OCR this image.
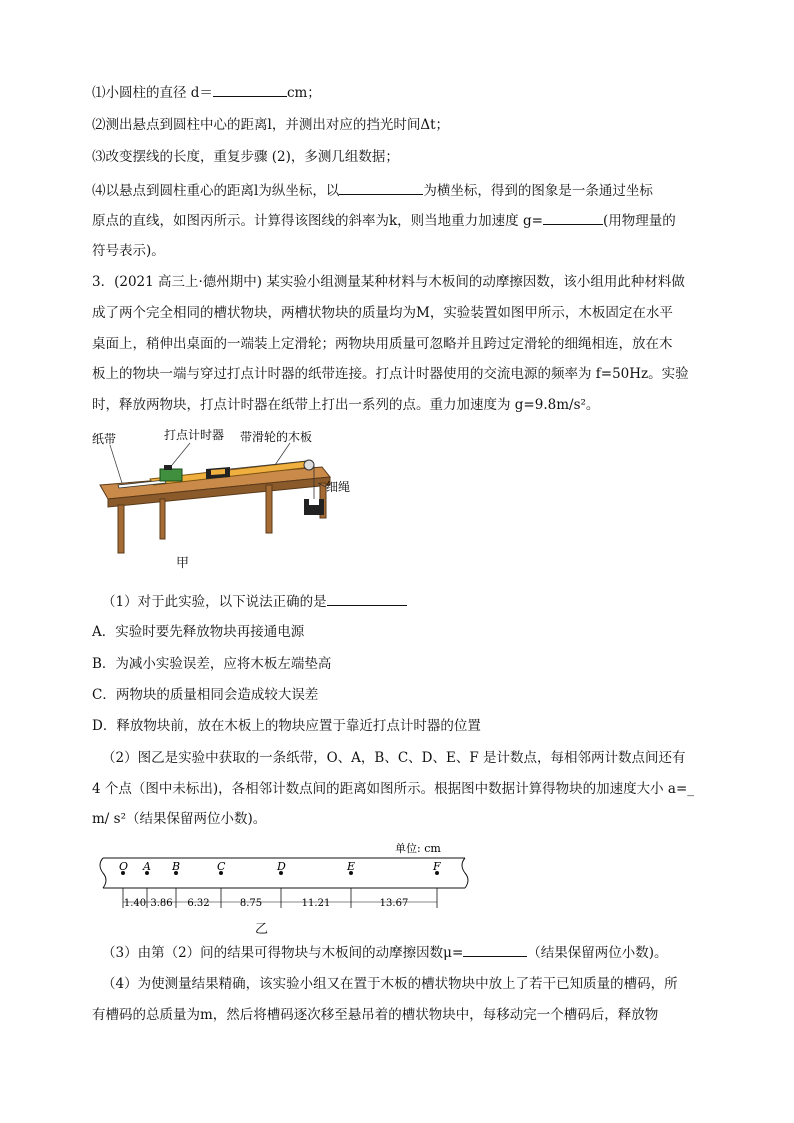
⑴小圆柱的直径 d＝	cm；
⑵测出悬点到圆柱中心的距离l，并测出对应的挡光时间Δt；
⑶改变摆线的长度，重复步骤 (2)，多测几组数据；
⑷以悬点到圆柱重心的距离l为纵坐标，以	为横坐标，得到的图象是一条通过坐标
原点的直线，如图丙所示。计算得该图线的斜率为k，则当地重力加速度 g=	(用物理量的
符号表示)。
3．(2021 高三上·德州期中) 某实验小组测量某种材料与木板间的动摩擦因数，该小组用此种材料做
成了两个完全相同的槽状物块，两槽状物块的质量均为M，实验装置如图甲所示，木板固定在水平
桌面上，稍伸出桌面的一端装上定滑轮；两物块用质量可忽略并且跨过定滑轮的细绳相连，放在木
板上的物块一端与穿过打点计时器的纸带连接。打点计时器使用的交流电源的频率为 f=50Hz。实验
时，释放两物块，打点计时器在纸带上打出一系列的点。重力加速度为 g=9.8m/s²。
纸带	打点计时器 带滑轮的木板
细绳
甲
（1）对于此实验，以下说法正确的是
A．实验时要先释放物块再接通电源
B．为减小实验误差，应将木板左端垫高
C．两物块的质量相同会造成较大误差
D．释放物块前，放在木板上的物块应置于靠近打点计时器的位置
（2）图乙是实验中获取的一条纸带，O、A，B、C、D、E、F 是计数点，每相邻两计数点间还有
4 个点（图中未标出)，各相邻计数点间的距离如图所示。根据图中数据计算得物块的加速度大小 a=_
m/ s²（结果保留两位小数)。
单位: cm
O A B	C	D	E	F
1.40 3.86 6.32	8.75	11.21	13.67
乙
（3）由第（2）问的结果可得物块与木板间的动摩擦因数μ=	（结果保留两位小数)。
（4）为使测量结果精确，该实验小组又在置于木板的槽状物块中放上了若干已知质量的槽码，所
有槽码的总质量为m，然后将槽码逐次移至悬吊着的槽状物块中，每移动完一个槽码后，释放物
